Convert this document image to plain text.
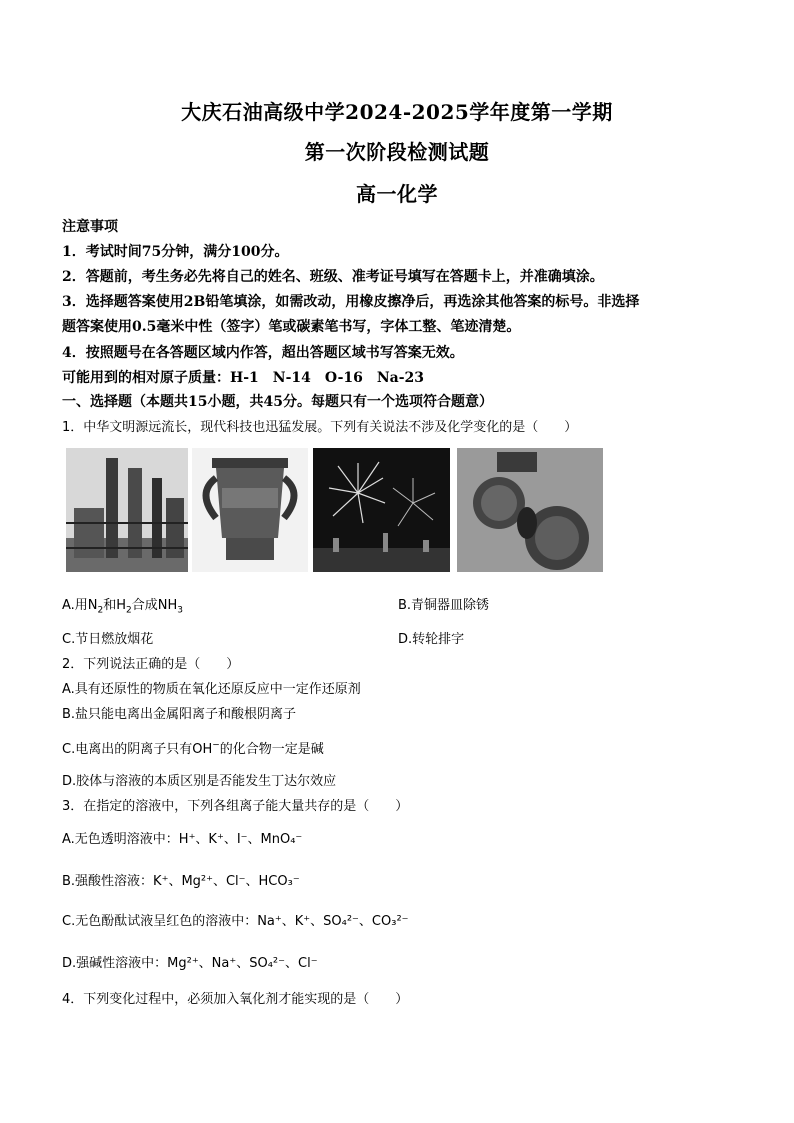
大庆石油高级中学2024-2025学年度第一学期
第一次阶段检测试题
高一化学
注意事项
1．考试时间75分钟，满分100分。
2．答题前，考生务必先将自己的姓名、班级、准考证号填写在答题卡上，并准确填涂。
3．选择题答案使用2B铅笔填涂，如需改动，用橡皮擦净后，再选涂其他答案的标号。非选择
题答案使用0.5毫米中性（签字）笔或碳素笔书写，字体工整、笔迹清楚。
4．按照题号在各答题区域内作答，超出答题区域书写答案无效。
可能用到的相对原子质量：H-1　N-14　O-16　Na-23
一、选择题（本题共15小题，共45分。每题只有一个选项符合题意）
1．中华文明源远流长，现代科技也迅猛发展。下列有关说法不涉及化学变化的是（　　）
A.用$N_2$和$H_2$合成$NH_3$	B.青铜器皿除锈
C.节日燃放烟花	D.转轮排字
2．下列说法正确的是（　　）
A.具有还原性的物质在氧化还原反应中一定作还原剂
B.盐只能电离出金属阳离子和酸根阴离子
C.电离出的阴离子只有OH−的化合物一定是碱
D.胶体与溶液的本质区别是否能发生丁达尔效应
3．在指定的溶液中，下列各组离子能大量共存的是（　　）
A.无色透明溶液中：H⁺、K⁺、I⁻、MnO₄⁻
B.强酸性溶液：K⁺、Mg²⁺、Cl⁻、HCO₃⁻
C.无色酚酞试液呈红色的溶液中：Na⁺、K⁺、SO₄²⁻、CO₃²⁻
D.强碱性溶液中：Mg²⁺、Na⁺、SO₄²⁻、Cl⁻
4．下列变化过程中，必须加入氧化剂才能实现的是（　　）
